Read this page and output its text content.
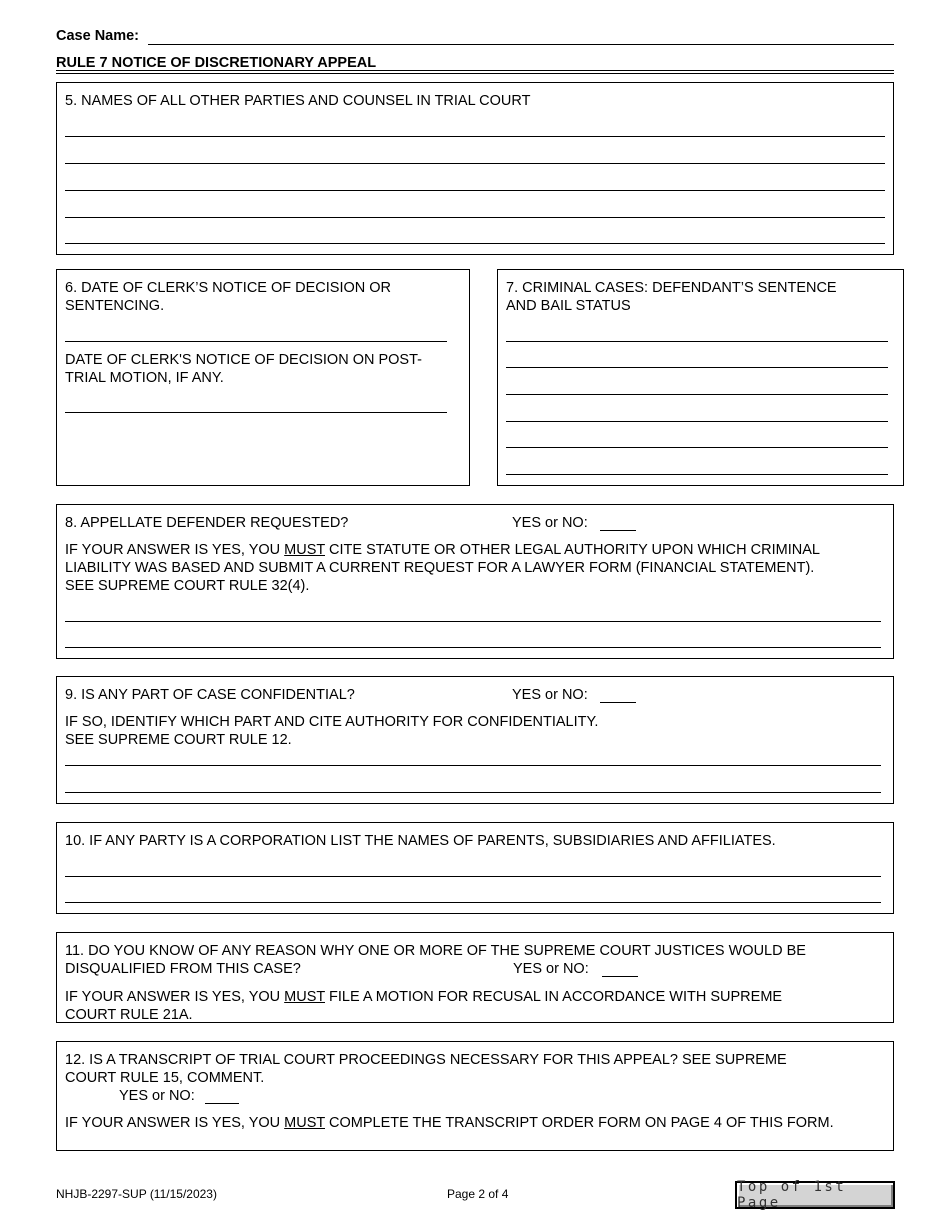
Case Name:
RULE 7 NOTICE OF DISCRETIONARY APPEAL
5. NAMES OF ALL OTHER PARTIES AND COUNSEL IN TRIAL COURT
6. DATE OF CLERK’S NOTICE OF DECISION OR
SENTENCING.
DATE OF CLERK'S NOTICE OF DECISION ON POST-
TRIAL MOTION, IF ANY.
7. CRIMINAL CASES: DEFENDANT’S SENTENCE
AND BAIL STATUS
8. APPELLATE DEFENDER REQUESTED?	YES or NO:
IF YOUR ANSWER IS YES, YOU MUST CITE STATUTE OR OTHER LEGAL AUTHORITY UPON WHICH CRIMINAL
LIABILITY WAS BASED AND SUBMIT A CURRENT REQUEST FOR A LAWYER FORM (FINANCIAL STATEMENT).
SEE SUPREME COURT RULE 32(4).
9. IS ANY PART OF CASE CONFIDENTIAL?	YES or NO:
IF SO, IDENTIFY WHICH PART AND CITE AUTHORITY FOR CONFIDENTIALITY.
SEE SUPREME COURT RULE 12.
10. IF ANY PARTY IS A CORPORATION LIST THE NAMES OF PARENTS, SUBSIDIARIES AND AFFILIATES.
11. DO YOU KNOW OF ANY REASON WHY ONE OR MORE OF THE SUPREME COURT JUSTICES WOULD BE
DISQUALIFIED FROM THIS CASE?	YES or NO:
IF YOUR ANSWER IS YES, YOU MUST FILE A MOTION FOR RECUSAL IN ACCORDANCE WITH SUPREME
COURT RULE 21A.
12. IS A TRANSCRIPT OF TRIAL COURT PROCEEDINGS NECESSARY FOR THIS APPEAL? SEE SUPREME
COURT RULE 15, COMMENT.
YES or NO:
IF YOUR ANSWER IS YES, YOU MUST COMPLETE THE TRANSCRIPT ORDER FORM ON PAGE 4 OF THIS FORM.
NHJB-2297-SUP (11/15/2023)	Page 2 of 4	Top of 1st Page
